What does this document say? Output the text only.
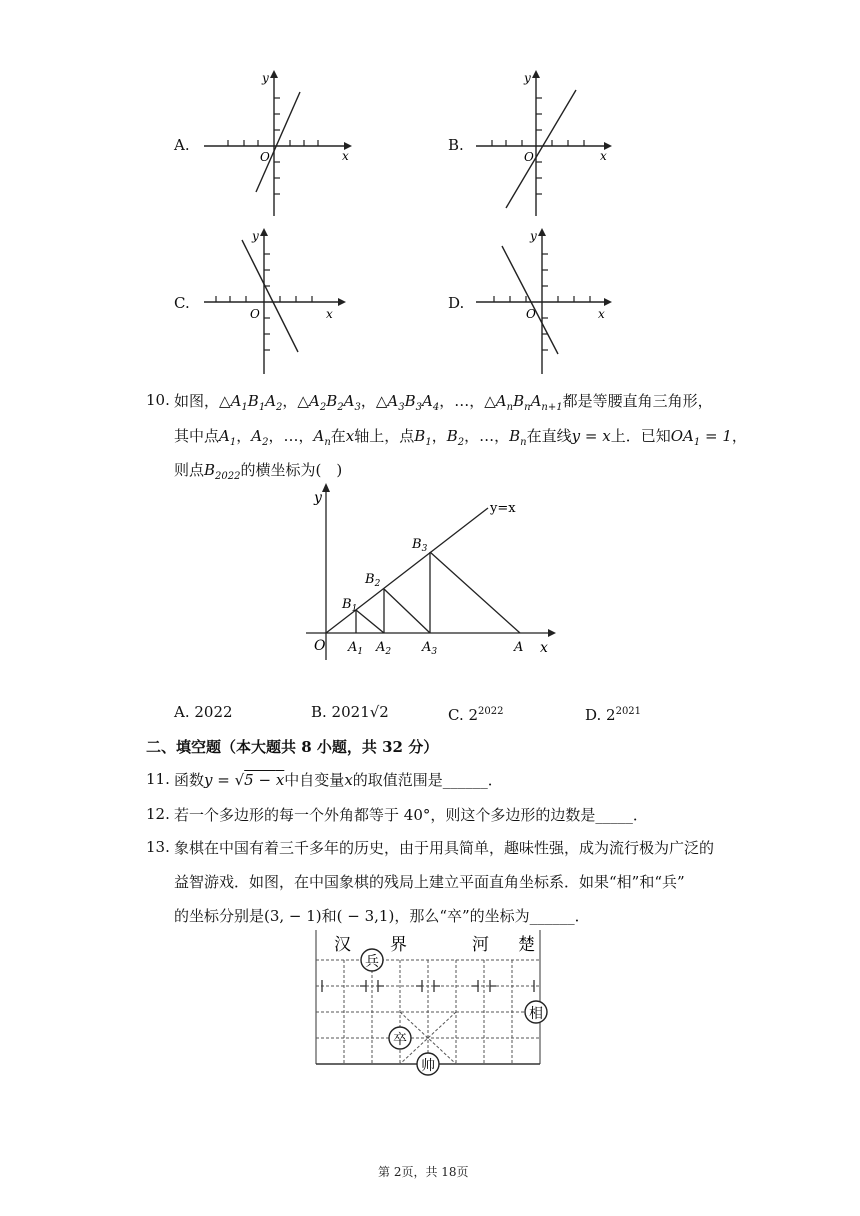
A.
x
y
O
B.
x
y
O
C.
x
y
O
D.
x
y
O
10. 如图，$\triangle A_1B_1A_2$，$\triangle A_2B_2A_3$，$\triangle A_3B_3A_4$，…，$\triangle A_nB_nA_{n+1}$都是等腰直角三角形，
其中点$A_1$，$A_2$，…，$A_n$在x轴上，点$B_1$，$B_2$，…，$B_n$在直线y = x上．已知$OA_1 = 1$，
则点$B_{2022}$的横坐标为(　)
y
x
O
y=x
$B_1$
$B_2$
$B_3$
$A_1$ $A_2$ $A_3$	A
A. 2022	B. 2021√2	C. $2^{2022}$	D. $2^{2021}$
二、填空题（本大题共 8 小题，共 32 分）
11. 函数y = √5 − x中自变量x的取值范围是______．
12. 若一个多边形的每一个外角都等于 40°，则这个多边形的边数是_____．
13. 象棋在中国有着三千多年的历史，由于用具简单，趣味性强，成为流行极为广泛的
益智游戏．如图，在中国象棋的残局上建立平面直角坐标系．如果“相”和“兵”
的坐标分别是(3, − 1)和( − 3,1)，那么“卒”的坐标为______．
汉 界	河 楚
兵
相
卒
帅
第 2页，共 18页
